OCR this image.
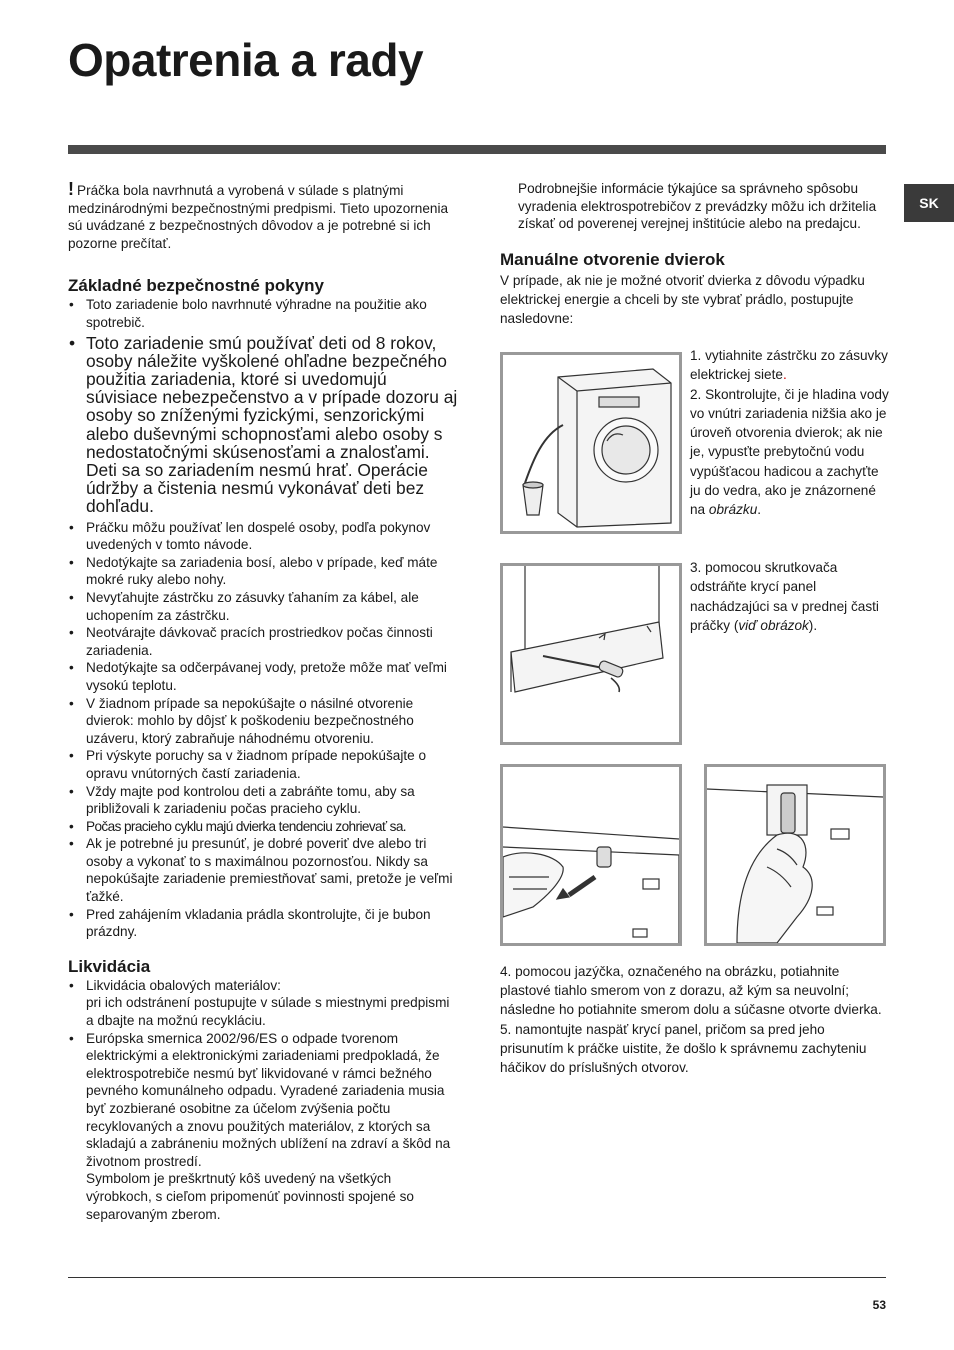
Opatrenia a rady
SK

! Práčka bola navrhnutá a vyrobená v súlade s platnými medzinárodnými bezpečnostnými predpismi. Tieto upozornenia sú uvádzané z bezpečnostných dôvodov a je potrebné si ich pozorne prečítať.

Základné bezpečnostné pokyny
• Toto zariadenie bolo navrhnuté výhradne na použitie ako spotrebič.
• Toto zariadenie smú používať deti od 8 rokov, osoby náležite vyškolené ohľadne bezpečného použitia zariadenia, ktoré si uvedomujú súvisiace nebezpečenstvo a v prípade dozoru aj osoby so zníženými fyzickými, senzorickými alebo duševnými schopnosťami alebo osoby s nedostatočnými skúsenosťami a znalosťami. Deti sa so zariadením nesmú hrať. Operácie údržby a čistenia nesmú vykonávať deti bez dohľadu.
• Práčku môžu používať len dospelé osoby, podľa pokynov uvedených v tomto návode.
• Nedotýkajte sa zariadenia bosí, alebo v prípade, keď máte mokré ruky alebo nohy.
• Nevyťahujte zástrčku zo zásuvky ťahaním za kábel, ale uchopením za zástrčku.
• Neotvárajte dávkovač pracích prostriedkov počas činnosti zariadenia.
• Nedotýkajte sa odčerpávanej vody, pretože môže mať veľmi vysokú teplotu.
• V žiadnom prípade sa nepokúšajte o násilné otvorenie dvierok: mohlo by dôjsť k poškodeniu bezpečnostného uzáveru, ktorý zabraňuje náhodnému otvoreniu.
• Pri výskyte poruchy sa v žiadnom prípade nepokúšajte o opravu vnútorných častí zariadenia.
• Vždy majte pod kontrolou deti a zabráňte tomu, aby sa približovali k zariadeniu počas pracieho cyklu.
• Počas pracieho cyklu majú dvierka tendenciu zohrievať sa.
• Ak je potrebné ju presunúť, je dobré poveriť dve alebo tri osoby a vykonať to s maximálnou pozornosťou. Nikdy sa nepokúšajte zariadenie premiestňovať sami, pretože je veľmi ťažké.
• Pred zahájením vkladania prádla skontrolujte, či je bubon prázdny.
Likvidácia
• Likvidácia obalových materiálov:
pri ich odstránení postupujte v súlade s miestnymi predpismi a dbajte na možnú recykláciu.
• Európska smernica 2002/96/ES o odpade tvorenom elektrickými a elektronickými zariadeniami predpokladá, že elektrospotrebiče nesmú byť likvidované v rámci bežného pevného komunálneho odpadu. Vyradené zariadenia musia byť zozbierané osobitne za účelom zvýšenia počtu recyklovaných a znovu použitých materiálov, z ktorých sa skladajú a zabráneniu možných ublížení na zdraví a škôd na životnom prostredí.
Symbolom je preškrtnutý kôš uvedený na všetkých výrobkoch, s cieľom pripomenúť povinnosti spojené so separovaným zberom.

Podrobnejšie informácie týkajúce sa správneho spôsobu vyradenia elektrospotrebičov z prevádzky môžu ich držitelia získať od poverenej verejnej inštitúcie alebo na predajcu.

Manuálne otvorenie dvierok

V prípade, ak nie je možné otvoriť dvierka z dôvodu výpadku elektrickej energie a chceli by ste vybrať prádlo, postupujte nasledovne:

1. vytiahnite zástrčku zo zásuvky elektrickej siete.
2. Skontrolujte, či je hladina vody vo vnútri zariadenia nižšia ako je úroveň otvorenia dvierok; ak nie je, vypusťte prebytočnú vodu vypúšťacou hadicou a zachyťte ju do vedra, ako je znázornené na obrázku.
3. pomocou skrutkovača odstráňte krycí panel nachádzajúci sa v prednej časti práčky (viď obrázok).

4. pomocou jazýčka, označeného na obrázku, potiahnite plastové tiahlo smerom von z dorazu, až kým sa neuvolní; následne ho potiahnite smerom dolu a súčasne otvorte dvierka.

5. namontujte naspäť krycí panel, pričom sa pred jeho prisunutím k práčke uistite, že došlo k správnemu zachyteniu háčikov do príslušných otvorov.

53
